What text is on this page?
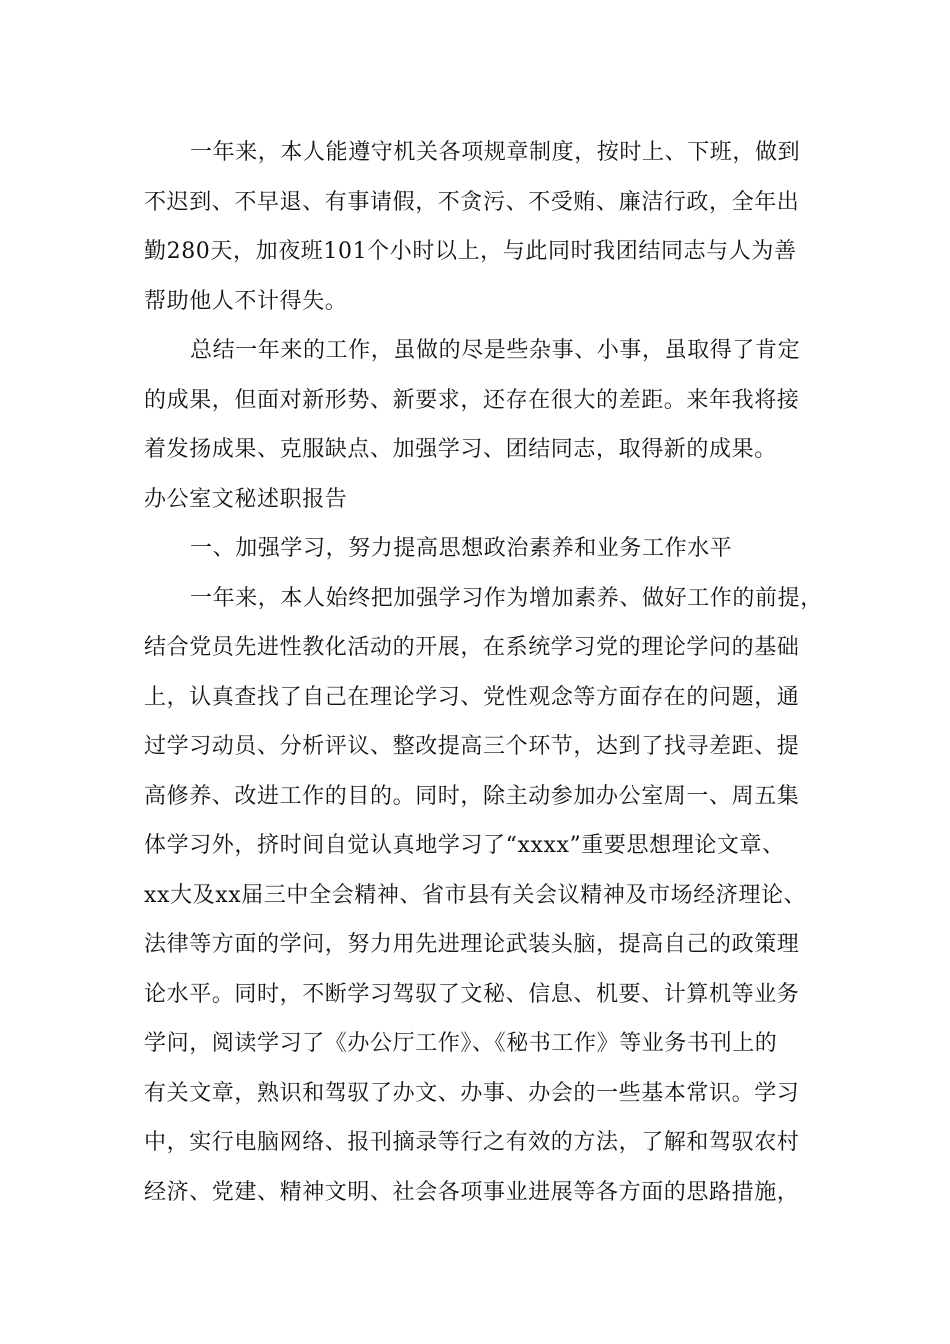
一年来，本人能遵守机关各项规章制度，按时上、下班，做到
不迟到、不早退、有事请假，不贪污、不受贿、廉洁行政，全年出
勤280天，加夜班101个小时以上，与此同时我团结同志与人为善
帮助他人不计得失。
总结一年来的工作，虽做的尽是些杂事、小事，虽取得了肯定
的成果，但面对新形势、新要求，还存在很大的差距。来年我将接
着发扬成果、克服缺点、加强学习、团结同志，取得新的成果。
办公室文秘述职报告
一、加强学习，努力提高思想政治素养和业务工作水平
一年来，本人始终把加强学习作为增加素养、做好工作的前提，
结合党员先进性教化活动的开展，在系统学习党的理论学问的基础
上，认真查找了自己在理论学习、党性观念等方面存在的问题，通
过学习动员、分析评议、整改提高三个环节，达到了找寻差距、提
高修养、改进工作的目的。同时，除主动参加办公室周一、周五集
体学习外，挤时间自觉认真地学习了“xxxx”重要思想理论文章、
xx大及xx届三中全会精神、省市县有关会议精神及市场经济理论、
法律等方面的学问，努力用先进理论武装头脑，提高自己的政策理
论水平。同时，不断学习驾驭了文秘、信息、机要、计算机等业务
学问，阅读学习了《办公厅工作》、《秘书工作》等业务书刊上的
有关文章，熟识和驾驭了办文、办事、办会的一些基本常识。学习
中，实行电脑网络、报刊摘录等行之有效的方法，了解和驾驭农村
经济、党建、精神文明、社会各项事业进展等各方面的思路措施，
